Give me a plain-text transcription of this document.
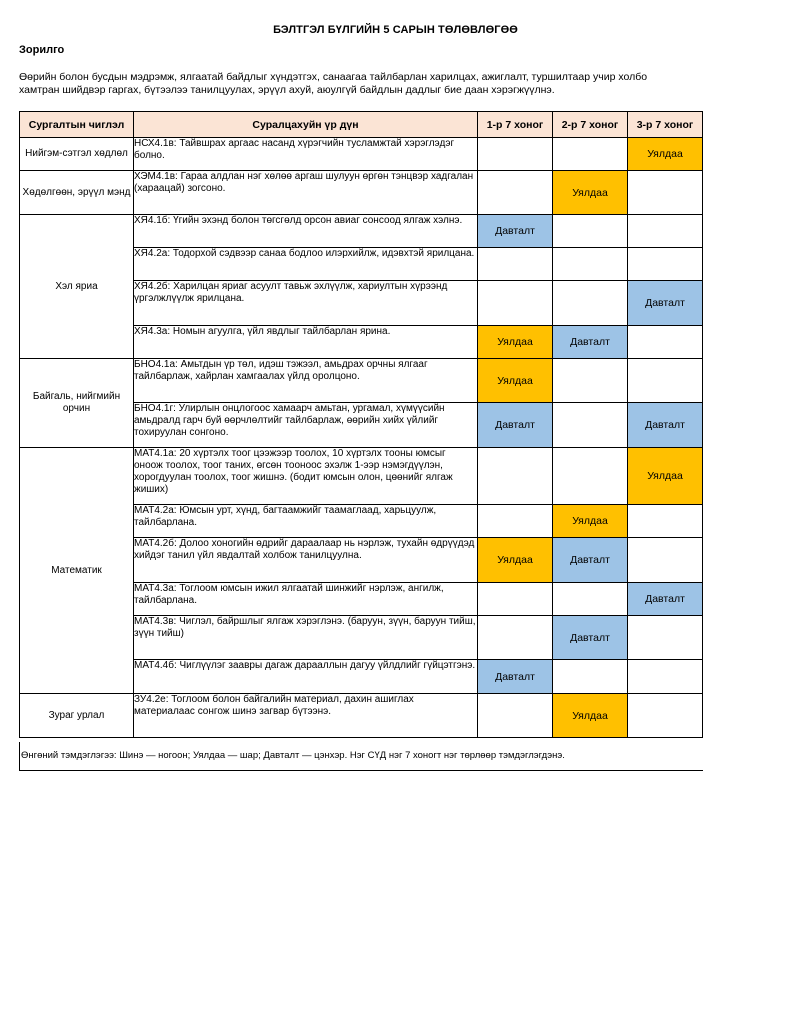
БЭЛТГЭЛ БҮЛГИЙН 5 САРЫН ТӨЛӨВЛӨГӨӨ
Зорилго
Өөрийн болон бусдын мэдрэмж, ялгаатай байдлыг хүндэтгэх, санаагаа тайлбарлан харилцах, ажиглалт, туршилтаар учир холбо
хамтран шийдвэр гаргах, бүтээлээ танилцуулах, эрүүл ахуй, аюулгүй байдлын дадлыг бие даан хэрэгжүүлнэ.
Сургалтын чиглэл	Суралцахуйн үр дүн	1-р 7 хоног	2-р 7 хоног	3-р 7 хоног
Нийгэм-сэтгэл хөдлөл	НСХ4.1в: Тайвшрах аргаас насанд хүрэгчийн тусламжтай хэрэглэдэг болно.			Уялдаа
Хөдөлгөөн, эрүүл мэнд	ХЭМ4.1в: Гараа алдлан нэг хөлөө аргаш шулуун өргөн тэнцвэр хадгалан (хараацай) зогсоно.		Уялдаа	
Хэл яриа	ХЯ4.1б: Үгийн эхэнд болон төгсгөлд орсон авиаг сонсоод ялгаж хэлнэ.	Давталт		
	ХЯ4.2а: Тодорхой сэдвээр санаа бодлоо илэрхийлж, идэвхтэй ярилцана.			
	ХЯ4.2б: Харилцан яриаг асуулт тавьж эхлүүлж, хариултын хүрээнд үргэлжлүүлж ярилцана.			Давталт
	ХЯ4.3а: Номын агуулга, үйл явдлыг тайлбарлан ярина.	Уялдаа	Давталт	
Байгаль, нийгмийн орчин	БНО4.1а: Амьтдын үр төл, идэш тэжээл, амьдрах орчны ялгааг тайлбарлаж, хайрлан хамгаалах үйлд оролцоно.	Уялдаа		
	БНО4.1г: Улирлын онцлогоос хамаарч амьтан, ургамал, хүмүүсийн амьдралд гарч буй өөрчлөлтийг тайлбарлаж, өөрийн хийх үйлийг тохируулан сонгоно.	Давталт		Давталт
Математик	МАТ4.1а: 20 хүртэлх тоог цээжээр тоолох, 10 хүртэлх тооны юмсыг оноож тоолох, тоог таних, өгсөн тооноос эхэлж 1-ээр нэмэгдүүлэн, хорогдуулан тоолох, тоог жишнэ. (бодит юмсын олон, цөөнийг ялгаж жиших)			Уялдаа
	МАТ4.2а: Юмсын урт, хүнд, багтаамжийг таамаглаад, харьцуулж, тайлбарлана.		Уялдаа	
	МАТ4.2б: Долоо хоногийн өдрийг дараалаар нь нэрлэж, тухайн өдрүүдэд хийдэг танил үйл явдалтай холбож танилцуулна.	Уялдаа	Давталт	
	МАТ4.3а: Тоглоом юмсын ижил ялгаатай шинжийг нэрлэж, ангилж, тайлбарлана.			Давталт
	МАТ4.3в: Чиглэл, байршлыг ялгаж хэрэглэнэ. (баруун, зүүн, баруун тийш, зүүн тийш)		Давталт	
	МАТ4.4б: Чиглүүлэг заавры дагаж дарааллын дагуу үйлдлийг гүйцэтгэнэ.	Давталт		
Зураг урлал	ЗУ4.2е: Тоглоом болон байгалийн материал, дахин ашиглах материалаас сонгож шинэ загвар бүтээнэ.		Уялдаа	
Өнгөний тэмдэглэгээ: Шинэ — ногоон; Уялдаа — шар; Давталт — цэнхэр. Нэг СҮД нэг 7 хоногт нэг төрлөөр тэмдэглэгдэнэ.
